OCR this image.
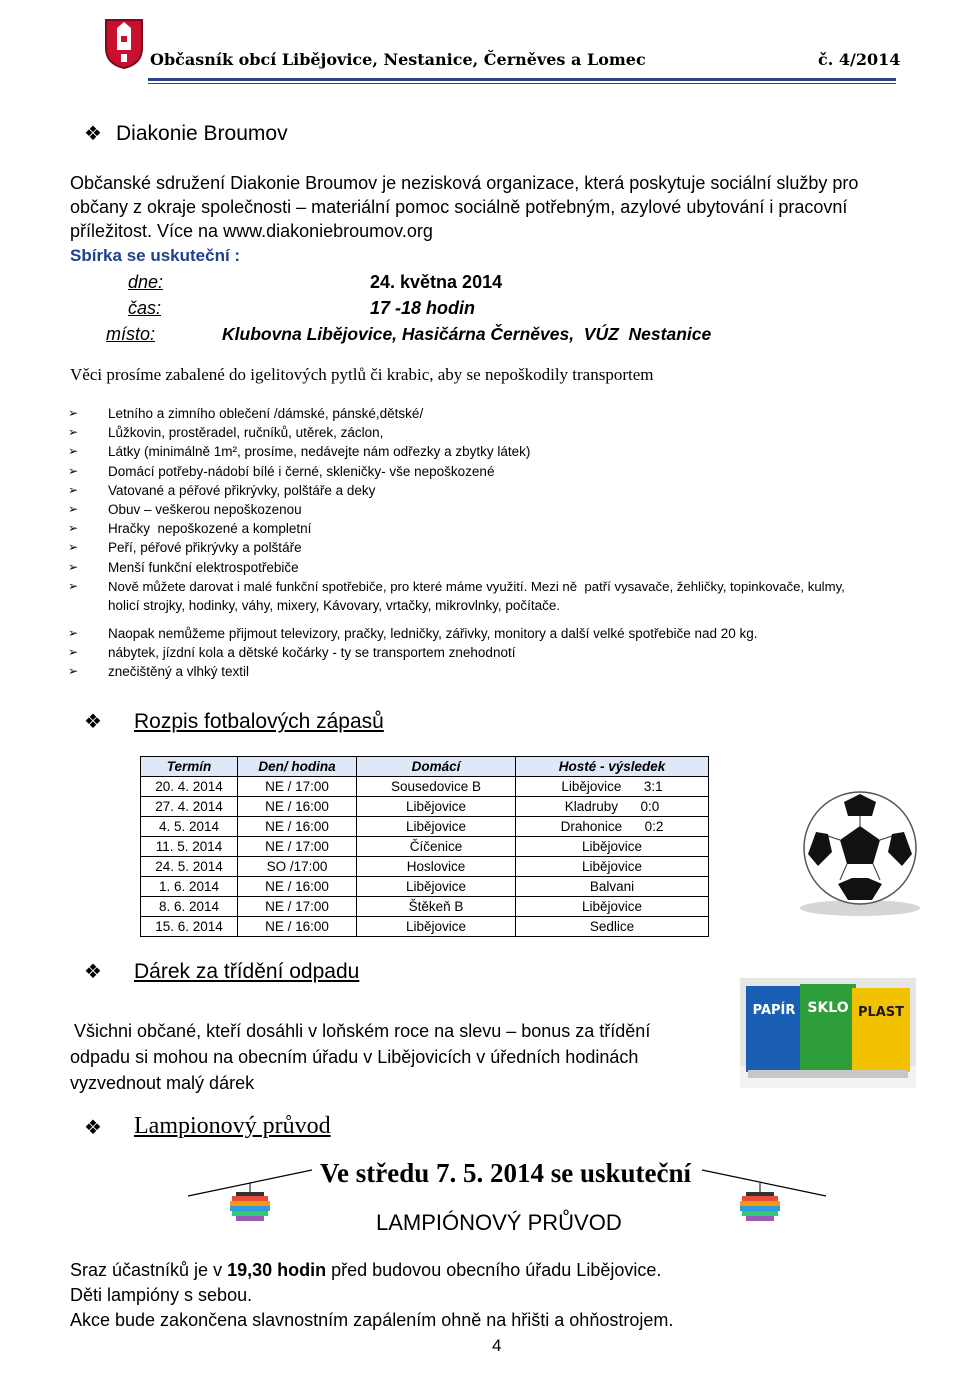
Občasník obcí Libějovice, Nestanice, Černěves a Lomec	č. 4/2014
❖ Diakonie Broumov
Občanské sdružení Diakonie Broumov je nezisková organizace, která poskytuje sociální služby pro
občany z okraje společnosti – materiální pomoc sociálně potřebným, azylové ubytování i pracovní
příležitost. Více na www.diakoniebroumov.org
Sbírka se uskuteční :
dne:	24. května 2014
čas:	17 -18 hodin
místo:	Klubovna Libějovice, Hasičárna Černěves,  VÚZ  Nestanice
Věci prosíme zabalené do igelitových pytlů či krabic, aby se nepoškodily transportem
➢ Letního a zimního oblečení /dámské, pánské,dětské/
➢ Lůžkovin, prostěradel, ručníků, utěrek, záclon,
➢ Látky (minimálně 1m², prosíme, nedávejte nám odřezky a zbytky látek)
➢ Domácí potřeby-nádobí bílé i černé, skleničky- vše nepoškozené
➢ Vatované a péřové přikrývky, polštáře a deky
➢ Obuv – veškerou nepoškozenou
➢ Hračky  nepoškozené a kompletní
➢ Peří, péřové přikrývky a polštáře
➢ Menší funkční elektrospotřebiče
➢ Nově můžete darovat i malé funkční spotřebiče, pro které máme využití. Mezi ně  patří vysavače, žehličky, topinkovače, kulmy,
holicí strojky, hodinky, váhy, mixery, Kávovary, vrtačky, mikrovlnky, počítače.
➢ Naopak nemůžeme přijmout televizory, pračky, ledničky, zářivky, monitory a další velké spotřebiče nad 20 kg.
➢ nábytek, jízdní kola a dětské kočárky - ty se transportem znehodnotí
➢ znečištěný a vlhký textil
❖ Rozpis fotbalových zápasů
Termín	Den/ hodina	Domácí	Hosté - výsledek
20. 4. 2014	NE / 17:00	Sousedovice B	Libějovice      3:1
27. 4. 2014	NE / 16:00	Libějovice	Kladruby      0:0
4. 5. 2014	NE / 16:00	Libějovice	Drahonice      0:2
11. 5. 2014	NE / 17:00	Číčenice	Libějovice
24. 5. 2014	SO /17:00	Hoslovice	Libějovice
1. 6. 2014	NE / 16:00	Libějovice	Balvani
8. 6. 2014	NE / 17:00	Štěkeň B	Libějovice
15. 6. 2014	NE / 16:00	Libějovice	Sedlice
❖ Dárek za třídění odpadu
Všichni občané, kteří dosáhli v loňském roce na slevu – bonus za třídění
odpadu si mohou na obecním úřadu v Libějovicích v úředních hodinách
vyzvednout malý dárek
PAPÍR SKLO PLAST
❖ Lampionový průvod
Ve středu 7. 5. 2014 se uskuteční
LAMPIÓNOVÝ PRŮVOD
Sraz účastníků je v 19,30 hodin před budovou obecního úřadu Libějovice.
Děti lampióny s sebou.
Akce bude zakončena slavnostním zapálením ohně na hřišti a ohňostrojem.
4
